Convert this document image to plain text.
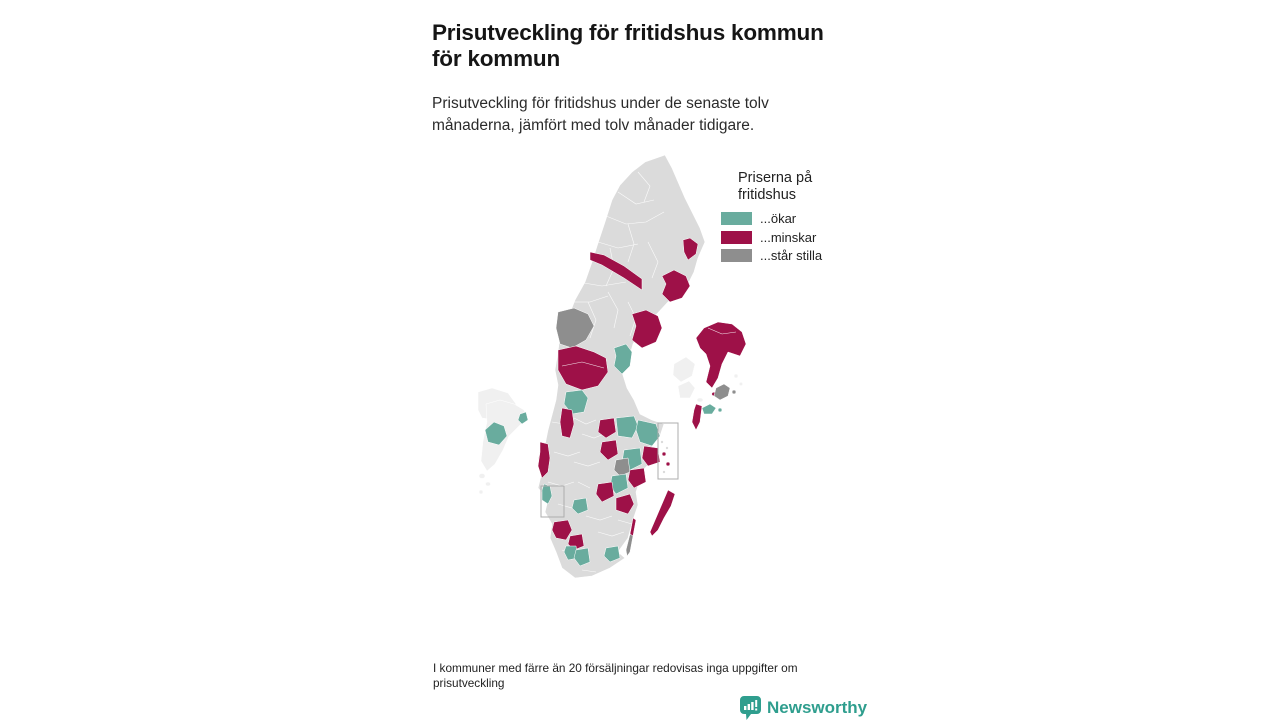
Prisutveckling för fritidshus kommun för kommun

Prisutveckling för fritidshus under de senaste tolv månaderna, jämfört med tolv månader tidigare.

Priserna på fritidshus
...ökar
...minskar
...står stilla

I kommuner med färre än 20 försäljningar redovisas inga uppgifter om prisutveckling

Newsworthy
